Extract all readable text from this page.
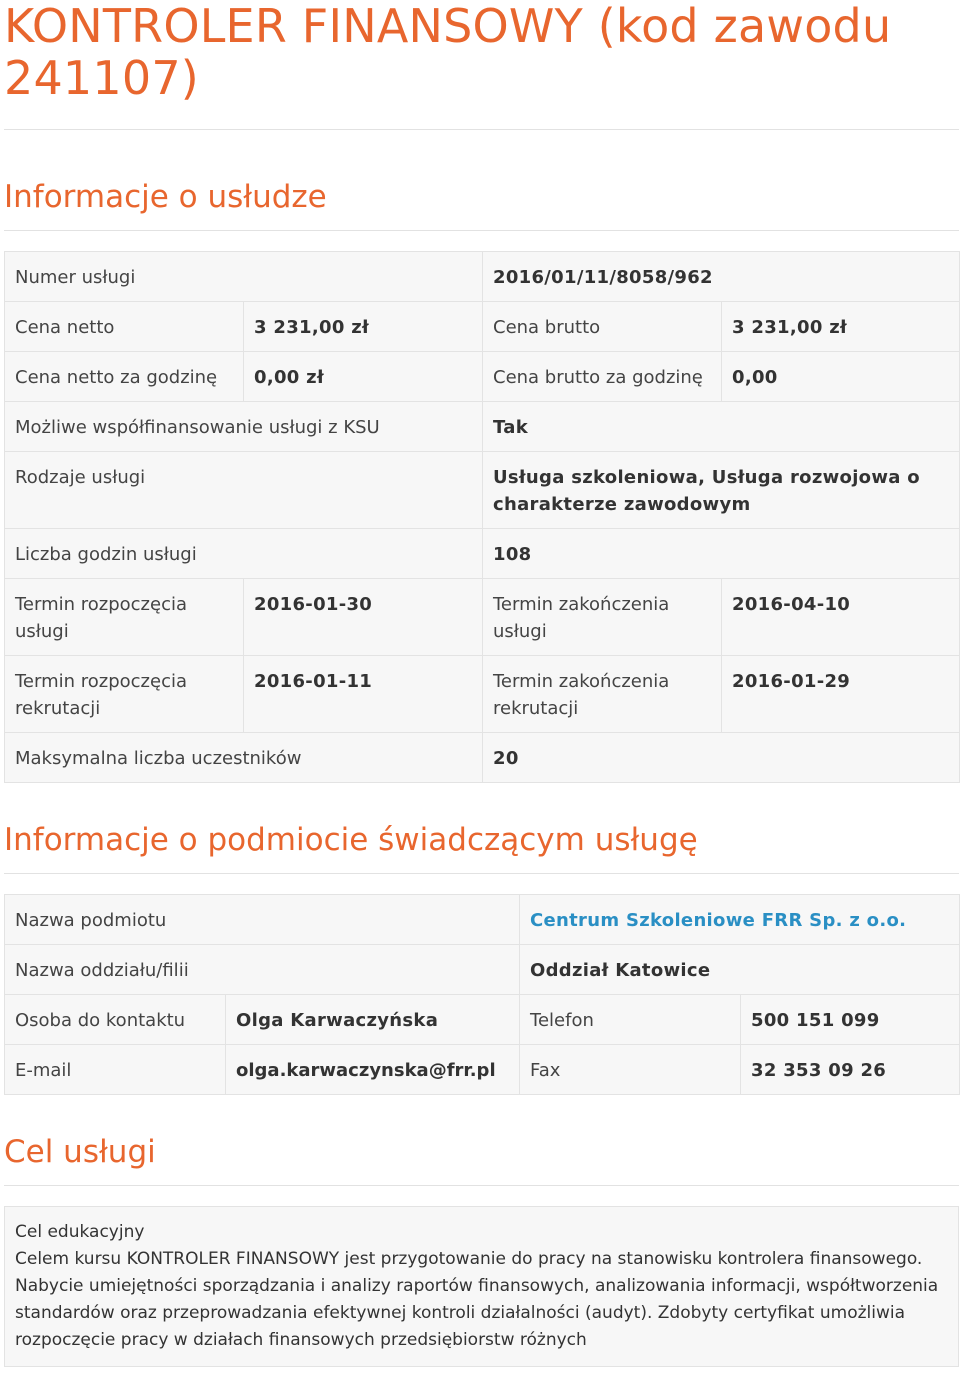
KONTROLER FINANSOWY (kod zawodu 241107)
Informacje o usłudze
Numer usługi		2016/01/11/8058/962	
Cena netto	3 231,00 zł	Cena brutto	3 231,00 zł
Cena netto za godzinę	0,00 zł	Cena brutto za godzinę	0,00
Możliwe współfinansowanie usługi z KSU		Tak	
Rodzaje usługi		Usługa szkoleniowa, Usługa rozwojowa o charakterze zawodowym	
Liczba godzin usługi		108	
Termin rozpoczęcia usługi	2016-01-30	Termin zakończenia usługi	2016-04-10
Termin rozpoczęcia rekrutacji	2016-01-11	Termin zakończenia rekrutacji	2016-01-29
Maksymalna liczba uczestników		20	
Informacje o podmiocie świadczącym usługę
Nazwa podmiotu		Centrum Szkoleniowe FRR Sp. z o.o.	
Nazwa oddziału/filii		Oddział Katowice	
Osoba do kontaktu	Olga Karwaczyńska	Telefon	500 151 099
E-mail	olga.karwaczynska@frr.pl	Fax	32 353 09 26
Cel usługi
Cel edukacyjny
Celem kursu KONTROLER FINANSOWY jest przygotowanie do pracy na stanowisku kontrolera finansowego. Nabycie umiejętności sporządzania i analizy raportów finansowych, analizowania informacji, współtworzenia standardów oraz przeprowadzania efektywnej kontroli działalności (audyt). Zdobyty certyfikat umożliwia rozpoczęcie pracy w działach finansowych przedsiębiorstw różnych
